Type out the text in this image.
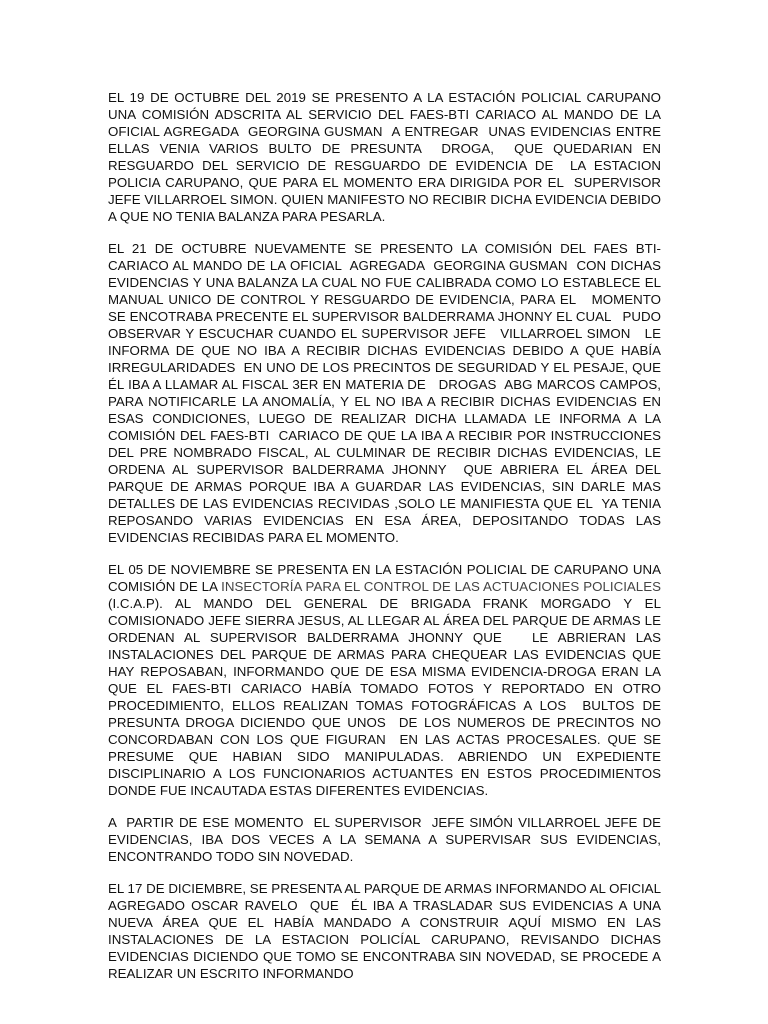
EL 19 DE OCTUBRE DEL 2019 SE PRESENTO A LA ESTACIÓN POLICIAL CARUPANO UNA COMISIÓN ADSCRITA AL SERVICIO DEL FAES-BTI CARIACO AL MANDO DE LA OFICIAL AGREGADA  GEORGINA GUSMAN  A ENTREGAR  UNAS EVIDENCIAS ENTRE ELLAS VENIA VARIOS BULTO DE PRESUNTA  DROGA,  QUE QUEDARIAN EN RESGUARDO DEL SERVICIO DE RESGUARDO DE EVIDENCIA DE  LA ESTACION POLICIA CARUPANO, QUE PARA EL MOMENTO ERA DIRIGIDA POR EL  SUPERVISOR JEFE VILLARROEL SIMON. QUIEN MANIFESTO NO RECIBIR DICHA EVIDENCIA DEBIDO A QUE NO TENIA BALANZA PARA PESARLA.

EL 21 DE OCTUBRE NUEVAMENTE SE PRESENTO LA COMISIÓN DEL FAES BTI-CARIACO AL MANDO DE LA OFICIAL  AGREGADA  GEORGINA GUSMAN  CON DICHAS EVIDENCIAS Y UNA BALANZA LA CUAL NO FUE CALIBRADA COMO LO ESTABLECE EL MANUAL UNICO DE CONTROL Y RESGUARDO DE EVIDENCIA, PARA EL   MOMENTO SE ENCOTRABA PRECENTE EL SUPERVISOR BALDERRAMA JHONNY EL CUAL   PUDO OBSERVAR Y ESCUCHAR CUANDO EL SUPERVISOR JEFE   VILLARROEL SIMON   LE INFORMA DE QUE NO IBA A RECIBIR DICHAS EVIDENCIAS DEBIDO A QUE HABÍA IRREGULARIDADES  EN UNO DE LOS PRECINTOS DE SEGURIDAD Y EL PESAJE, QUE ÉL IBA A LLAMAR AL FISCAL 3ER EN MATERIA DE   DROGAS  ABG MARCOS CAMPOS, PARA NOTIFICARLE LA ANOMALÍA, Y EL NO IBA A RECIBIR DICHAS EVIDENCIAS EN ESAS CONDICIONES, LUEGO DE REALIZAR DICHA LLAMADA LE INFORMA A LA COMISIÓN DEL FAES-BTI  CARIACO DE QUE LA IBA A RECIBIR POR INSTRUCCIONES DEL PRE NOMBRADO FISCAL, AL CULMINAR DE RECIBIR DICHAS EVIDENCIAS, LE ORDENA AL SUPERVISOR BALDERRAMA JHONNY  QUE ABRIERA EL ÁREA DEL PARQUE DE ARMAS PORQUE IBA A GUARDAR LAS EVIDENCIAS, SIN DARLE MAS DETALLES DE LAS EVIDENCIAS RECIVIDAS ,SOLO LE MANIFIESTA QUE EL  YA TENIA REPOSANDO VARIAS EVIDENCIAS EN ESA ÁREA, DEPOSITANDO TODAS LAS EVIDENCIAS RECIBIDAS PARA EL MOMENTO.

EL 05 DE NOVIEMBRE SE PRESENTA EN LA ESTACIÓN POLICIAL DE CARUPANO UNA COMISIÓN DE LA INSECTORÍA PARA EL CONTROL DE LAS ACTUACIONES POLICIALES (I.C.A.P). AL MANDO DEL GENERAL DE BRIGADA FRANK MORGADO Y EL COMISIONADO JEFE SIERRA JESUS, AL LLEGAR AL ÁREA DEL PARQUE DE ARMAS LE ORDENAN AL SUPERVISOR BALDERRAMA JHONNY QUE   LE ABRIERAN LAS INSTALACIONES DEL PARQUE DE ARMAS PARA CHEQUEAR LAS EVIDENCIAS QUE HAY REPOSABAN, INFORMANDO QUE DE ESA MISMA EVIDENCIA-DROGA ERAN LA QUE EL FAES-BTI CARIACO HABÍA TOMADO FOTOS Y REPORTADO EN OTRO PROCEDIMIENTO, ELLOS REALIZAN TOMAS FOTOGRÁFICAS A LOS  BULTOS DE PRESUNTA DROGA DICIENDO QUE UNOS  DE LOS NUMEROS DE PRECINTOS NO CONCORDABAN CON LOS QUE FIGURAN  EN LAS ACTAS PROCESALES. QUE SE PRESUME QUE HABIAN SIDO MANIPULADAS. ABRIENDO UN EXPEDIENTE DISCIPLINARIO A LOS FUNCIONARIOS ACTUANTES EN ESTOS PROCEDIMIENTOS DONDE FUE INCAUTADA ESTAS DIFERENTES EVIDENCIAS.

A  PARTIR DE ESE MOMENTO  EL SUPERVISOR  JEFE SIMÓN VILLARROEL JEFE DE EVIDENCIAS, IBA DOS VECES A LA SEMANA A SUPERVISAR SUS EVIDENCIAS, ENCONTRANDO TODO SIN NOVEDAD.

EL 17 DE DICIEMBRE, SE PRESENTA AL PARQUE DE ARMAS INFORMANDO AL OFICIAL AGREGADO OSCAR RAVELO  QUE  ÉL IBA A TRASLADAR SUS EVIDENCIAS A UNA NUEVA ÁREA QUE EL HABÍA MANDADO A CONSTRUIR AQUÍ MISMO EN LAS INSTALACIONES DE LA ESTACION POLICÍAL CARUPANO, REVISANDO DICHAS EVIDENCIAS DICIENDO QUE TOMO SE ENCONTRABA SIN NOVEDAD, SE PROCEDE A REALIZAR UN ESCRITO INFORMANDO
